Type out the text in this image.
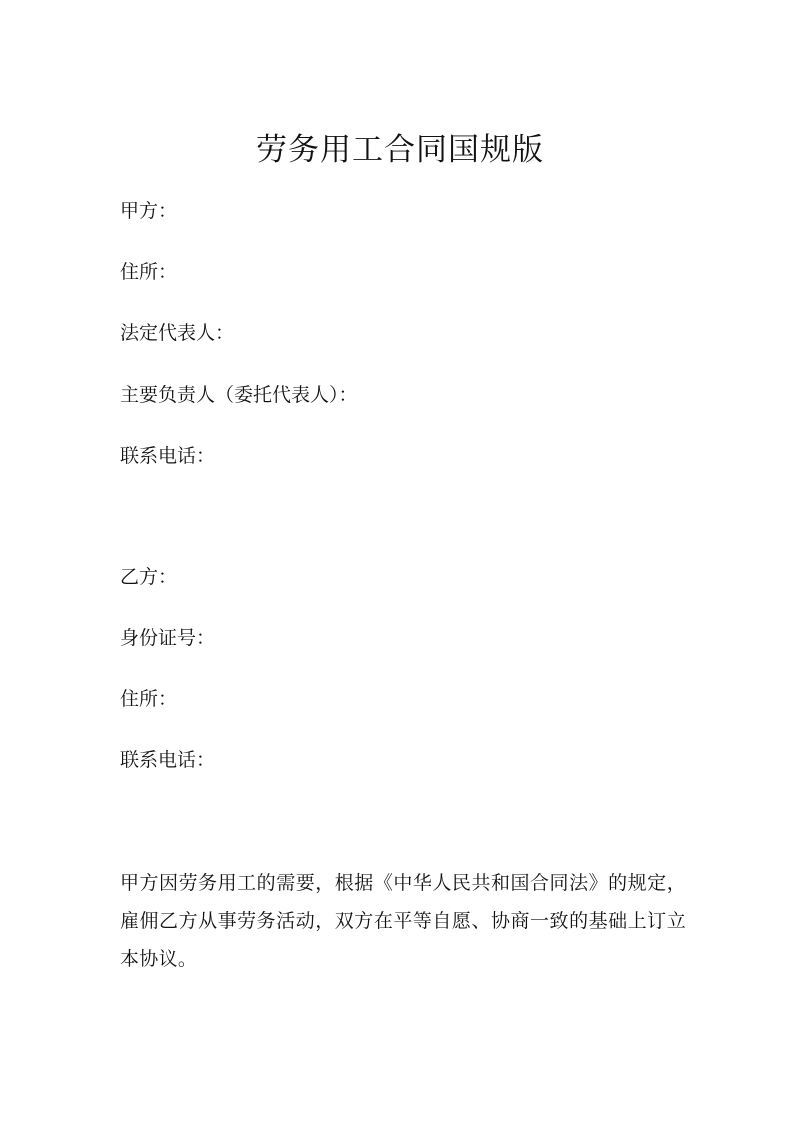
劳务用工合同国规版
甲方：
住所：
法定代表人：
主要负责人（委托代表人）：
联系电话：
乙方：
身份证号：
住所：
联系电话：

甲方因劳务用工的需要，根据《中华人民共和国合同法》的规定，雇佣乙方从事劳务活动，双方在平等自愿、协商一致的基础上订立本协议。
